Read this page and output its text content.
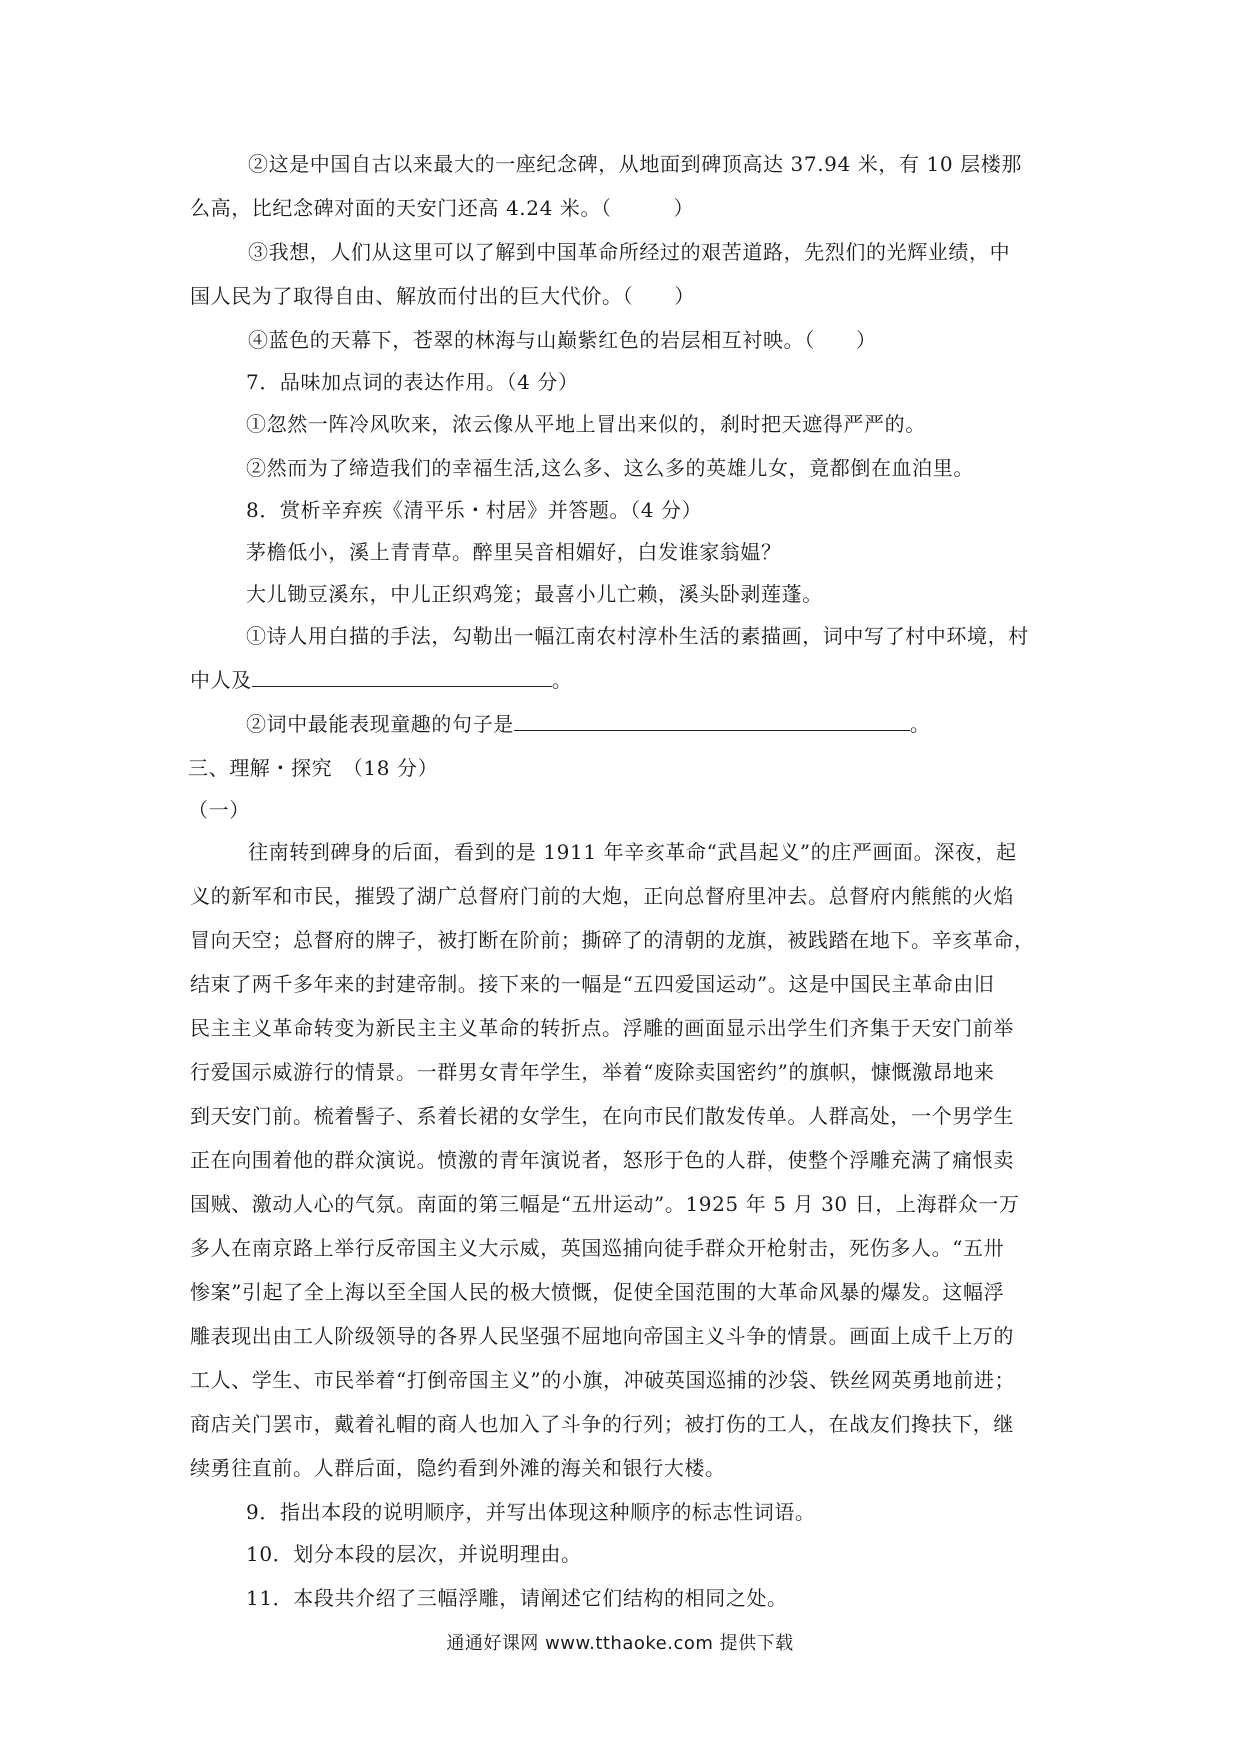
②这是中国自古以来最大的一座纪念碑，从地面到碑顶高达 37.94 米，有 10 层楼那
么高，比纪念碑对面的天安门还高 4.24 米。（　　　）
③我想，人们从这里可以了解到中国革命所经过的艰苦道路，先烈们的光辉业绩，中
国人民为了取得自由、解放而付出的巨大代价。（　　）
④蓝色的天幕下，苍翠的林海与山巅紫红色的岩层相互衬映。（　　）
7．品味加点词的表达作用。（4 分）
①忽然一阵冷风吹来，浓云像从平地上冒出来似的，刹时把天遮得严严的。
②然而为了缔造我们的幸福生活,这么多、这么多的英雄儿女，竟都倒在血泊里。
8．赏析辛弃疾《清平乐・村居》并答题。（4 分）
茅檐低小，溪上青青草。醉里吴音相媚好，白发谁家翁媪？
大儿锄豆溪东，中儿正织鸡笼；最喜小儿亡赖，溪头卧剥莲蓬。
①诗人用白描的手法，勾勒出一幅江南农村淳朴生活的素描画，词中写了村中环境，村
中人及	。
②词中最能表现童趣的句子是	。
三、理解・探究　（18 分）
（一）
往南转到碑身的后面，看到的是 1911 年辛亥革命“武昌起义”的庄严画面。深夜，起
义的新军和市民，摧毁了湖广总督府门前的大炮，正向总督府里冲去。总督府内熊熊的火焰
冒向天空；总督府的牌子，被打断在阶前；撕碎了的清朝的龙旗，被践踏在地下。辛亥革命，
结束了两千多年来的封建帝制。接下来的一幅是“五四爱国运动”。这是中国民主革命由旧
民主主义革命转变为新民主主义革命的转折点。浮雕的画面显示出学生们齐集于天安门前举
行爱国示威游行的情景。一群男女青年学生，举着“废除卖国密约”的旗帜，慷慨激昂地来
到天安门前。梳着髻子、系着长裙的女学生，在向市民们散发传单。人群高处，一个男学生
正在向围着他的群众演说。愤激的青年演说者，怒形于色的人群，使整个浮雕充满了痛恨卖
国贼、激动人心的气氛。南面的第三幅是“五卅运动”。1925 年 5 月 30 日，上海群众一万
多人在南京路上举行反帝国主义大示威，英国巡捕向徒手群众开枪射击，死伤多人。“五卅
惨案”引起了全上海以至全国人民的极大愤慨，促使全国范围的大革命风暴的爆发。这幅浮
雕表现出由工人阶级领导的各界人民坚强不屈地向帝国主义斗争的情景。画面上成千上万的
工人、学生、市民举着“打倒帝国主义”的小旗，冲破英国巡捕的沙袋、铁丝网英勇地前进；
商店关门罢市，戴着礼帽的商人也加入了斗争的行列；被打伤的工人，在战友们搀扶下，继
续勇往直前。人群后面，隐约看到外滩的海关和银行大楼。
9．指出本段的说明顺序，并写出体现这种顺序的标志性词语。
10．划分本段的层次，并说明理由。
11．本段共介绍了三幅浮雕，请阐述它们结构的相同之处。
通通好课网 www.tthaoke.com 提供下载
